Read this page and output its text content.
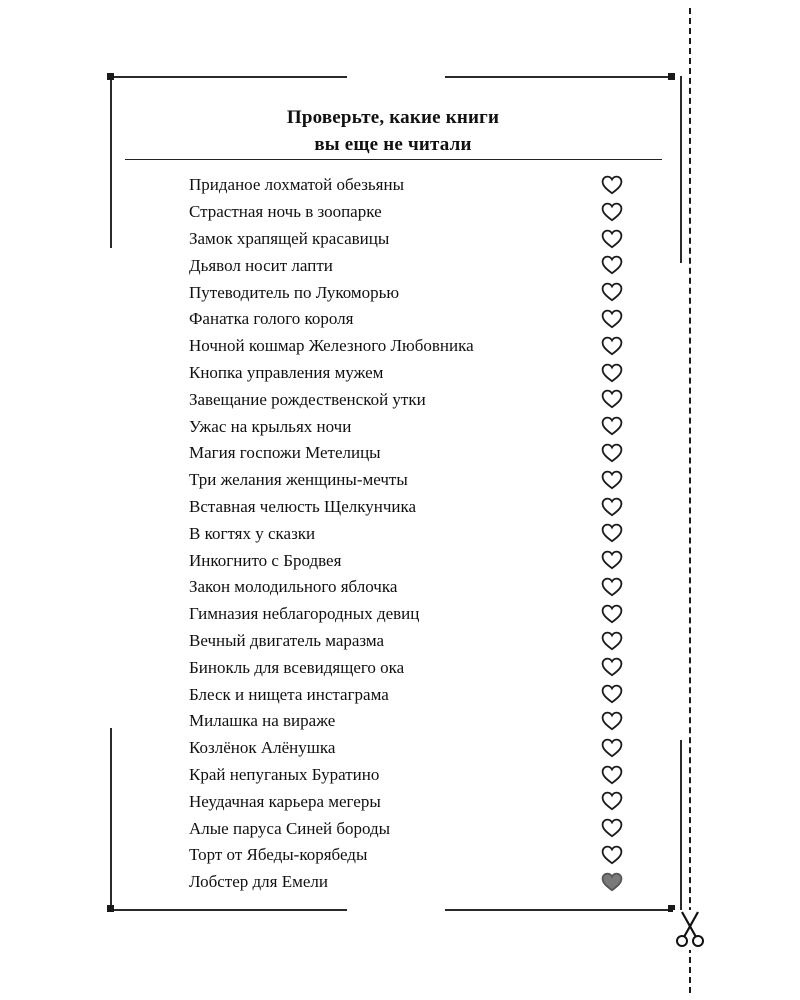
Проверьте, какие книги
вы еще не читали
Приданое лохматой обезьяны
Страстная ночь в зоопарке
Замок храпящей красавицы
Дьявол носит лапти
Путеводитель по Лукоморью
Фанатка голого короля
Ночной кошмар Железного Любовника
Кнопка управления мужем
Завещание рождественской утки
Ужас на крыльях ночи
Магия госпожи Метелицы
Три желания женщины-мечты
Вставная челюсть Щелкунчика
В когтях у сказки
Инкогнито с Бродвея
Закон молодильного яблочка
Гимназия неблагородных девиц
Вечный двигатель маразма
Бинокль для всевидящего ока
Блеск и нищета инстаграма
Милашка на вираже
Козлёнок Алёнушка
Край непуганых Буратино
Неудачная карьера мегеры
Алые паруса Синей бороды
Торт от Ябеды-корябеды
Лобстер для Емели
